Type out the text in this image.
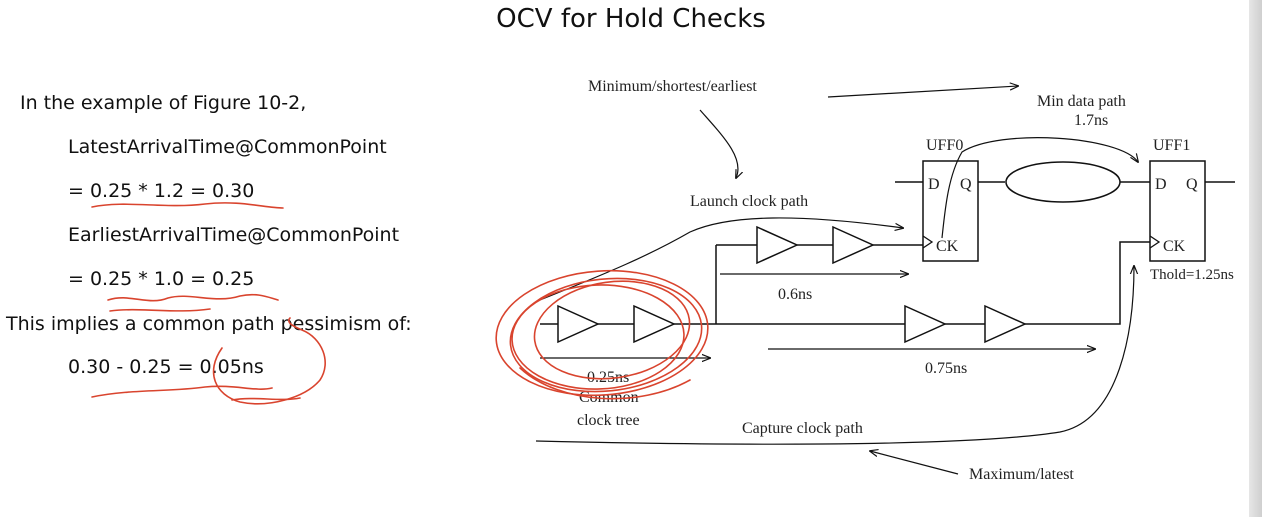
OCV for Hold Checks
In the example of Figure 10-2,
LatestArrivalTime@CommonPoint
= 0.25 * 1.2 = 0.30
EarliestArrivalTime@CommonPoint
= 0.25 * 1.0 = 0.25
This implies a common path pessimism of:
0.30 - 0.25 = 0.05ns
Minimum/shortest/earliest
Min data path
1.7ns
UFF0	UFF1
D Q	D Q
CK	CK
Launch clock path
0.6ns
0.75ns
0.25ns
Common
clock tree
Thold=1.25ns
Capture clock path
Maximum/latest
